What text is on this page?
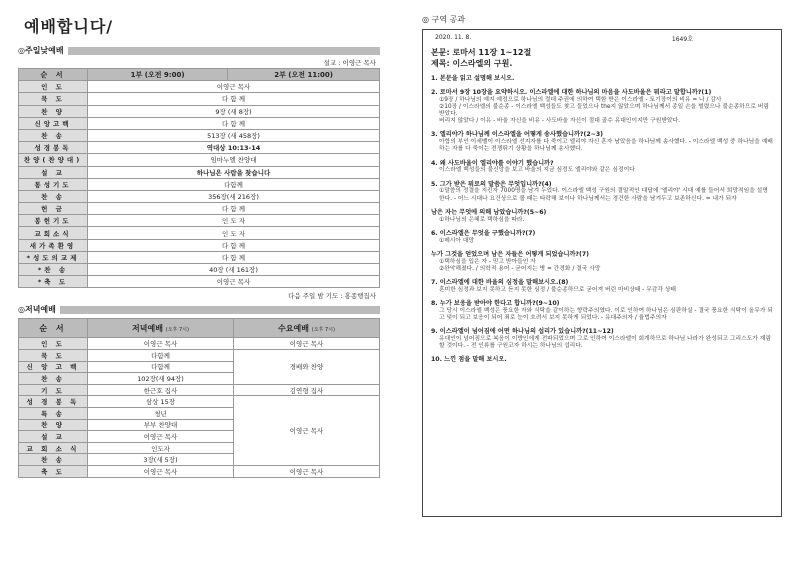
예배합니다/
◎주일낮예배
설교 : 이영근 목사
순 서	1부 (오전 9:00)	2부 (오전 11:00)
인 도	이영근 목사	
묵 도	다 함 께	
찬 양	9장 (새 8장)	
신앙고백	다 함 께	
찬 송	513장 (새 458장)	
성경봉독	역대상 10:13-14	
찬양(찬양대)	임마누엘 찬양대	
설 교	하나님은 사람을 찾습니다	
통성기도	다함께	
찬 송	356장(새 216장)	
헌 금	다 함 께	
봉헌기도	인 도 자	
교회소식	인 도 자	
새가족환영	다 함 께	
*성도의교제	다 함 께	
*찬 송	40장 (새 161장)	
*축 도	이영근 목사	
다음 주일 밤 기도 : 홍종행집사
◎저녁예배
순 서	저녁예배 (오후 7시)	수요예배 (오후 7시)
인 도	이영근 목사	이영근 목사
묵 도	다함께	경배와 찬양
신 앙 고 백	다함께	
찬 송	102장(새 94장)	
기 도	한근호 집사	김연형 집사
성 경 봉 독	삼상 15장	이영근 목사
특 송	청년	
찬 양	부부 찬양대	
설 교	이영근 목사	
교 회 소 식	인도자	
찬 송	3장(새 5장)	
축 도	이영근 목사	이영근 목사
◎ 구역 공과
2020. 11. 8.	1649호
본문: 로마서 11장 1~12절
제목: 이스라엘의 구원.
1. 본문을 읽고 설명해 보시오.
2. 로마서 9장 10장을 요약하시오. 이스라엘에 대한 하나님의 마음을 사도바울은 뭐라고 말합니까?(1)
①9장 / 하나님의 예지 예정으로 하나님의 절대 주권에 의하여 택함 받은 이스라엘 - 토기장이의 비유 = 나 / 감사
②10장 / 이스라엘의 불순종 - 이스라엘 백성들도 찾고 들었으나 the지 않았으며 하나님께서 종일 손을 벌렸으나 불순종하므로 버림받았다.
버리지 않았다 / 이유 - 바울 자신을 비유 - 사도바울 자신이 절대 골수 유대인이지만 구원받았다.
3. 엘리야가 하나님께 이스라엘을 어떻게 송사했습니까?(2~3)
아합의 부인 이세벨이 이스라엘 선지자를 다 죽이고 엘리야 자신 혼자 남았음을 하나님께 송사했다. - 이스라엘 백성 중 하나님을 예배하는 자를 다 죽이는 전쟁뛰기 상황을 하나님께 송사했다.
4. 왜 사도바울이 엘리야를 이야기 했습니까?
이스라엘 백성들의 불신앙을 보고 바울의 지금 심정도 엘리야와 같은 심정이다
5. 그가 받은 뭐로의 말씀은 무엇입니까?(4)
①말씀의 정결을 지킨자 7000명을 남겨 두었다. 이스라엘 백성 구원의 결말적인 대답에 '엘리야' 시대 예를 들어서 희망적임을 설명한다. - 어느 시대나 요건상으로 볼 때는 타락해 보이나 하나님께서는 경건한 사람을 남겨두고 보존하신다. = 내가 되자
남은 자는 무엇에 의해 남았습니까?(5~6)
①하나님의 은혜로 택하심을 따라.
6. 이스라엘은 무엇을 구했습니까?(7)
①메시아 대망
누가 그것을 얻었으며 남은 자들은 어떻게 되었습니까?(7)
①택하심을 입은 자 - 믿고 받아들인 자
②완악해졌다. / 의학적 용어 - 굳어지는 병 = 간경화 / 결국 사망
7. 이스라엘에 대한 바울의 심정을 말해보시오.(8)
혼미한 심정과 보지 못하고 듣지 못한 심정 / 불순종하므로 굳어져 버린 마비상태 - 무감각 상태
8. 누가 보응을 받아야 한다고 합니까?(9~10)
그 당시 이스라엘 백성은 풍요한 자와 식탁을 같이하는 향락주의였다. 이로 인하여 하나님은 심판하실 - 결국 풍요한 식탁이 올무가 되고 덫이 되고 보응이 되어 죄로 눈이 흐려서 보지 못하게 되었다. - 유대주의자 / 율법주의자
9. 이스라엘이 넘어짐에 어떤 하나님의 섭리가 있습니까?(11~12)
유대인이 넘어짐으로 복음이 이방인에게 전파되었으며 그로 인하여 이스라엘이 회개하므로 하나님 나라가 완성되고 그리스도가 재림할 것이다. - 전 인류를 구원코자 하시는 하나님의 섭리다.
10. 느낀 점을 말해 보시오.
